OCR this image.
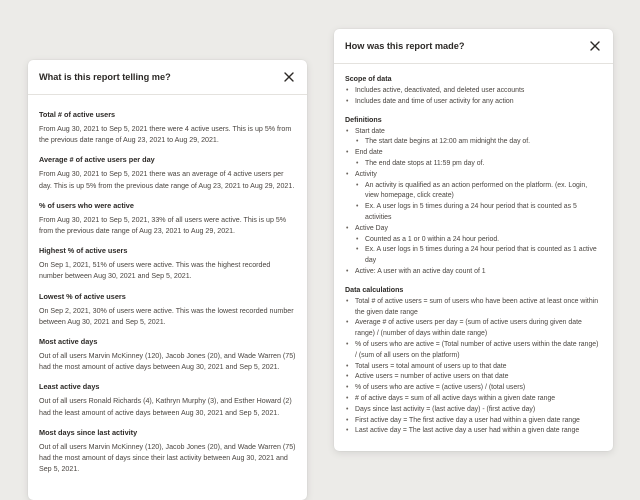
What is this report telling me?
Total # of active users
From Aug 30, 2021 to Sep 5, 2021 there were 4 active users. This is up 5% from the previous date range of Aug 23, 2021 to Aug 29, 2021.
Average # of active users per day
From Aug 30, 2021 to Sep 5, 2021 there was an average of 4 active users per day. This is up 5% from the previous date range of Aug 23, 2021 to Aug 29, 2021.
% of users who were active
From Aug 30, 2021 to Sep 5, 2021, 33% of all users were active. This is up 5% from the previous date range of Aug 23, 2021 to Aug 29, 2021.
Highest % of active users
On Sep 1, 2021, 51% of users were active. This was the highest recorded number between Aug 30, 2021 and Sep 5, 2021.
Lowest % of active users
On Sep 2, 2021, 30% of users were active. This was the lowest recorded number between Aug 30, 2021 and Sep 5, 2021.
Most active days
Out of all users Marvin McKinney (120), Jacob Jones (20), and Wade Warren (75) had the most amount of active days between Aug 30, 2021 and Sep 5, 2021.
Least active days
Out of all users Ronald Richards (4), Kathryn Murphy (3), and Esther Howard (2) had the least amount of active days between Aug 30, 2021 and Sep 5, 2021.
Most days since last activity
Out of all users Marvin McKinney (120), Jacob Jones (20), and Wade Warren (75) had the most amount of days since their last activity between Aug 30, 2021 and Sep 5, 2021.
How was this report made?
Scope of data
• Includes active, deactivated, and deleted user accounts
• Includes date and time of user activity for any action
Definitions
• Start date
• The start date begins at 12:00 am midnight the day of.
• End date
• The end date stops at 11:59 pm day of.
• Activity
• An activity is qualified as an action performed on the platform. (ex. Login, view homepage, click create)
• Ex. A user logs in 5 times during a 24 hour period that is counted as 5 activities
• Active Day
• Counted as a 1 or 0 within a 24 hour period.
• Ex. A user logs in 5 times during a 24 hour period that is counted as 1 active day
• Active: A user with an active day count of 1
Data calculations
• Total # of active users = sum of users who have been active at least once within the given date range
• Average # of active users per day = (sum of active users during given date range) / (number of days within date range)
• % of users who are active = (Total number of active users within the date range) / (sum of all users on the platform)
• Total users = total amount of users up to that date
• Active users = number of active users on that date
• % of users who are active = (active users) / (total users)
• # of active days = sum of all active days within a given date range
• Days since last activity = (last active day) - (first active day)
• First active day = The first active day a user had within a given date range
• Last active day = The last active day a user had within a given date range
